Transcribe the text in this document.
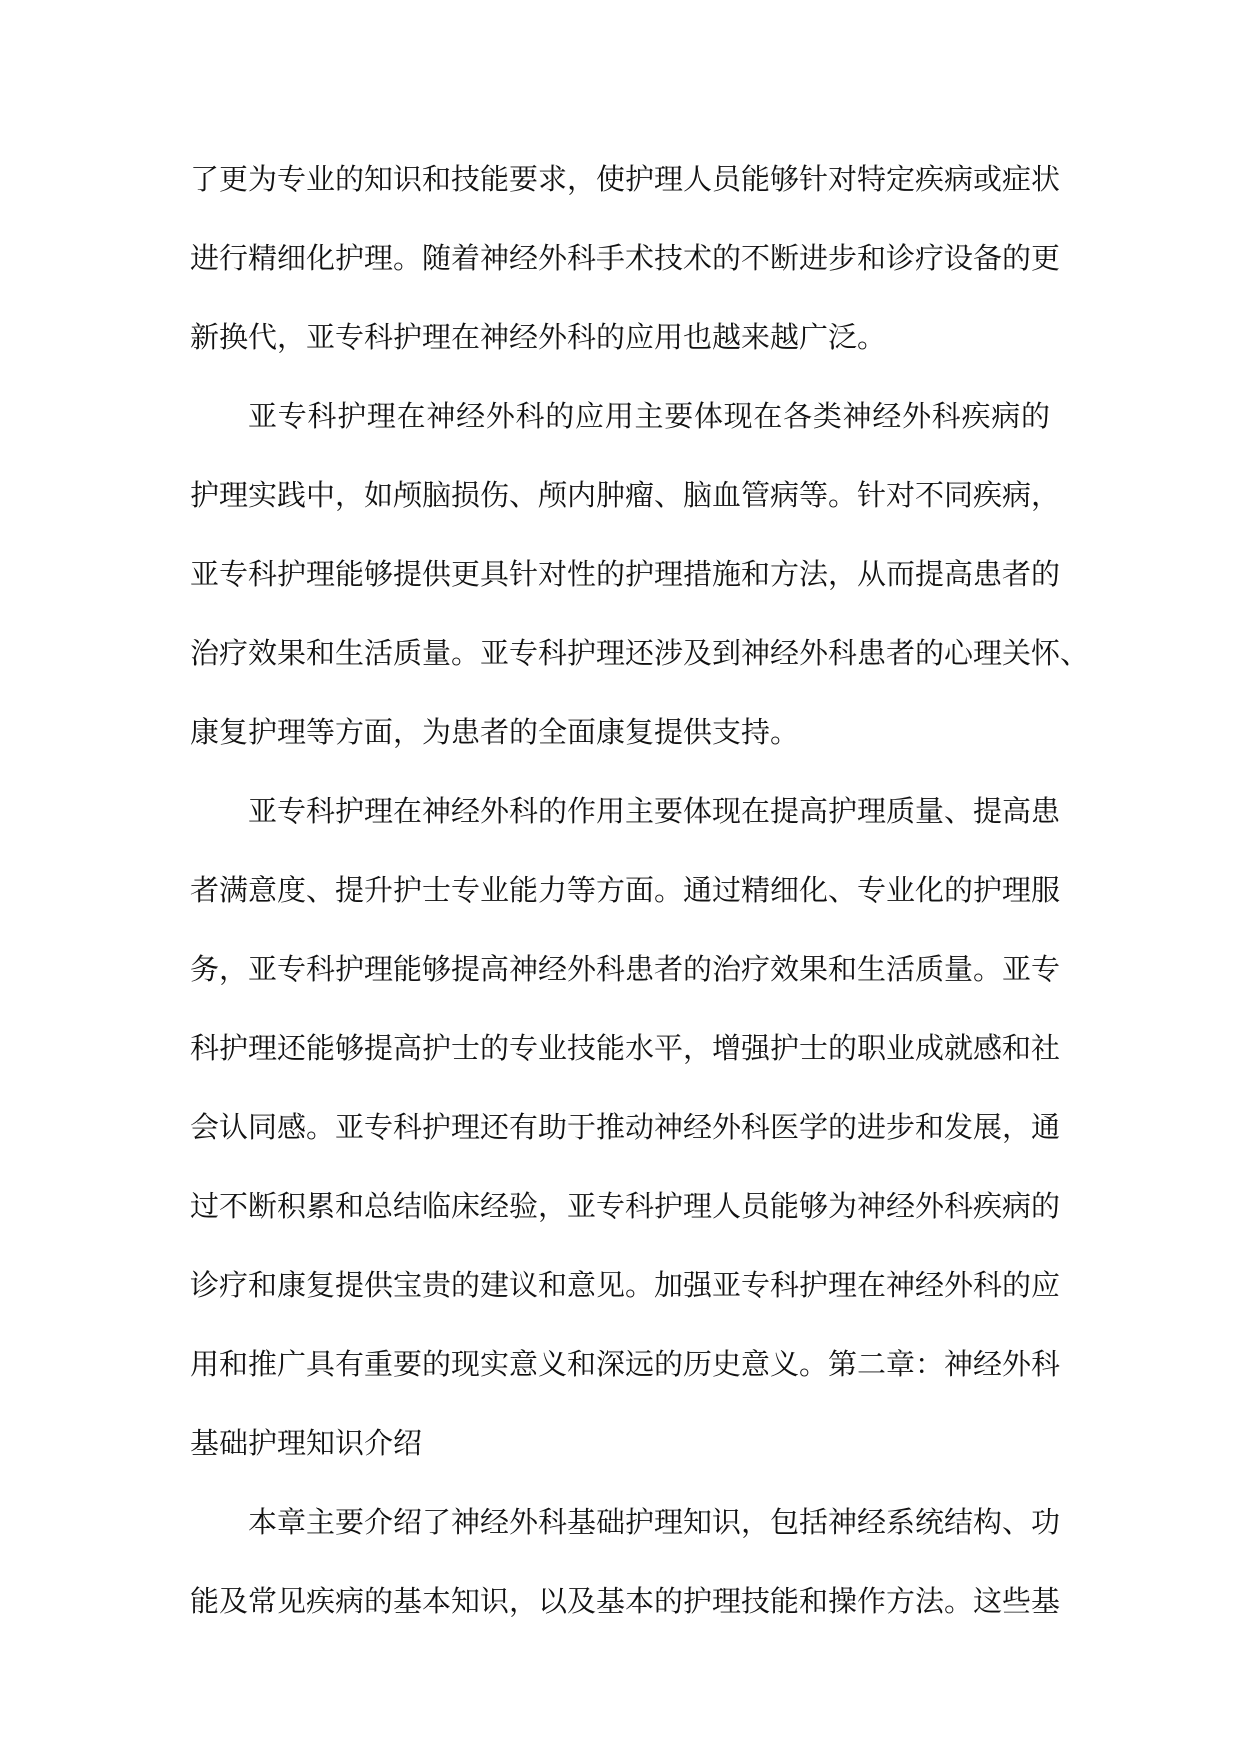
了更为专业的知识和技能要求，使护理人员能够针对特定疾病或症状
进行精细化护理。随着神经外科手术技术的不断进步和诊疗设备的更
新换代，亚专科护理在神经外科的应用也越来越广泛。

亚专科护理在神经外科的应用主要体现在各类神经外科疾病的
护理实践中，如颅脑损伤、颅内肿瘤、脑血管病等。针对不同疾病，
亚专科护理能够提供更具针对性的护理措施和方法，从而提高患者的
治疗效果和生活质量。亚专科护理还涉及到神经外科患者的心理关怀、
康复护理等方面，为患者的全面康复提供支持。

亚专科护理在神经外科的作用主要体现在提高护理质量、提高患
者满意度、提升护士专业能力等方面。通过精细化、专业化的护理服
务，亚专科护理能够提高神经外科患者的治疗效果和生活质量。亚专
科护理还能够提高护士的专业技能水平，增强护士的职业成就感和社
会认同感。亚专科护理还有助于推动神经外科医学的进步和发展，通
过不断积累和总结临床经验，亚专科护理人员能够为神经外科疾病的
诊疗和康复提供宝贵的建议和意见。加强亚专科护理在神经外科的应
用和推广具有重要的现实意义和深远的历史意义。第二章：神经外科
基础护理知识介绍

本章主要介绍了神经外科基础护理知识，包括神经系统结构、功
能及常见疾病的基本知识，以及基本的护理技能和操作方法。这些基
